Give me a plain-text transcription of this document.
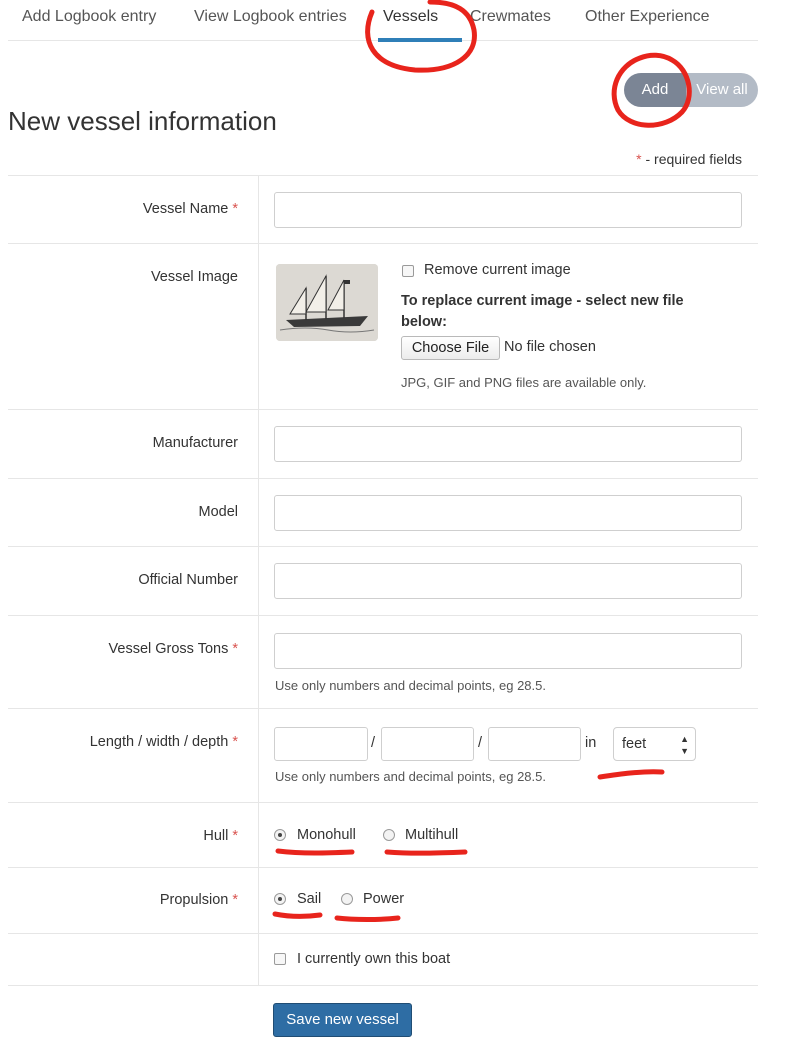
Add Logbook entry View Logbook entries Vessels Crewmates Other Experience
Add	View all
New vessel information
* - required fields
Vessel Name *
Vessel Image	Remove current image
To replace current image - select new file
below:
Choose File	No file chosen
JPG, GIF and PNG files are available only.
Manufacturer
Model
Official Number
Vessel Gross Tons *
Use only numbers and decimal points, eg 28.5.
Length / width / depth *	/	/	in	feet	▲
▼
Use only numbers and decimal points, eg 28.5.
Hull *	Monohull	Multihull
Propulsion *	Sail	Power
I currently own this boat
Save new vessel
